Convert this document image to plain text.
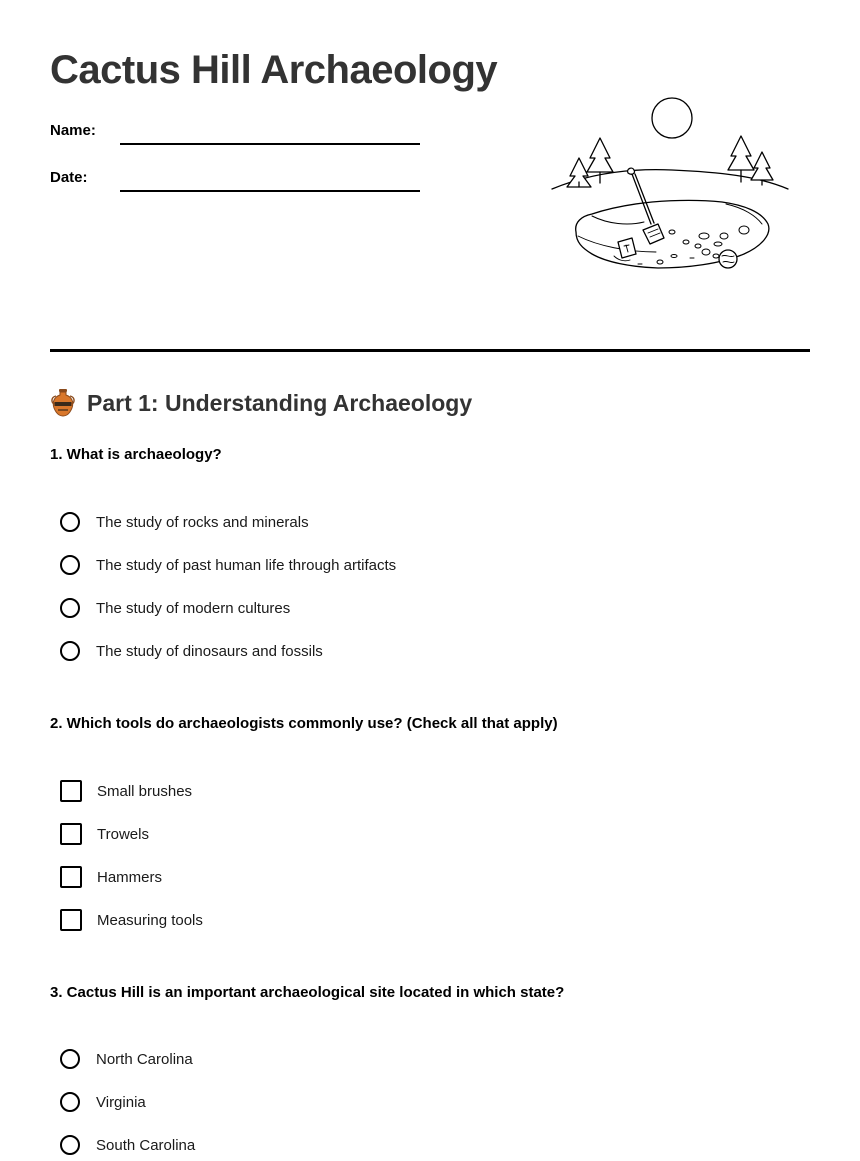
Cactus Hill Archaeology
Name:
Date:
Part 1: Understanding Archaeology

1. What is archaeology?

The study of rocks and minerals
The study of past human life through artifacts
The study of modern cultures
The study of dinosaurs and fossils

2. Which tools do archaeologists commonly use? (Check all that apply)

Small brushes
Trowels
Hammers
Measuring tools

3. Cactus Hill is an important archaeological site located in which state?

North Carolina
Virginia
South Carolina
